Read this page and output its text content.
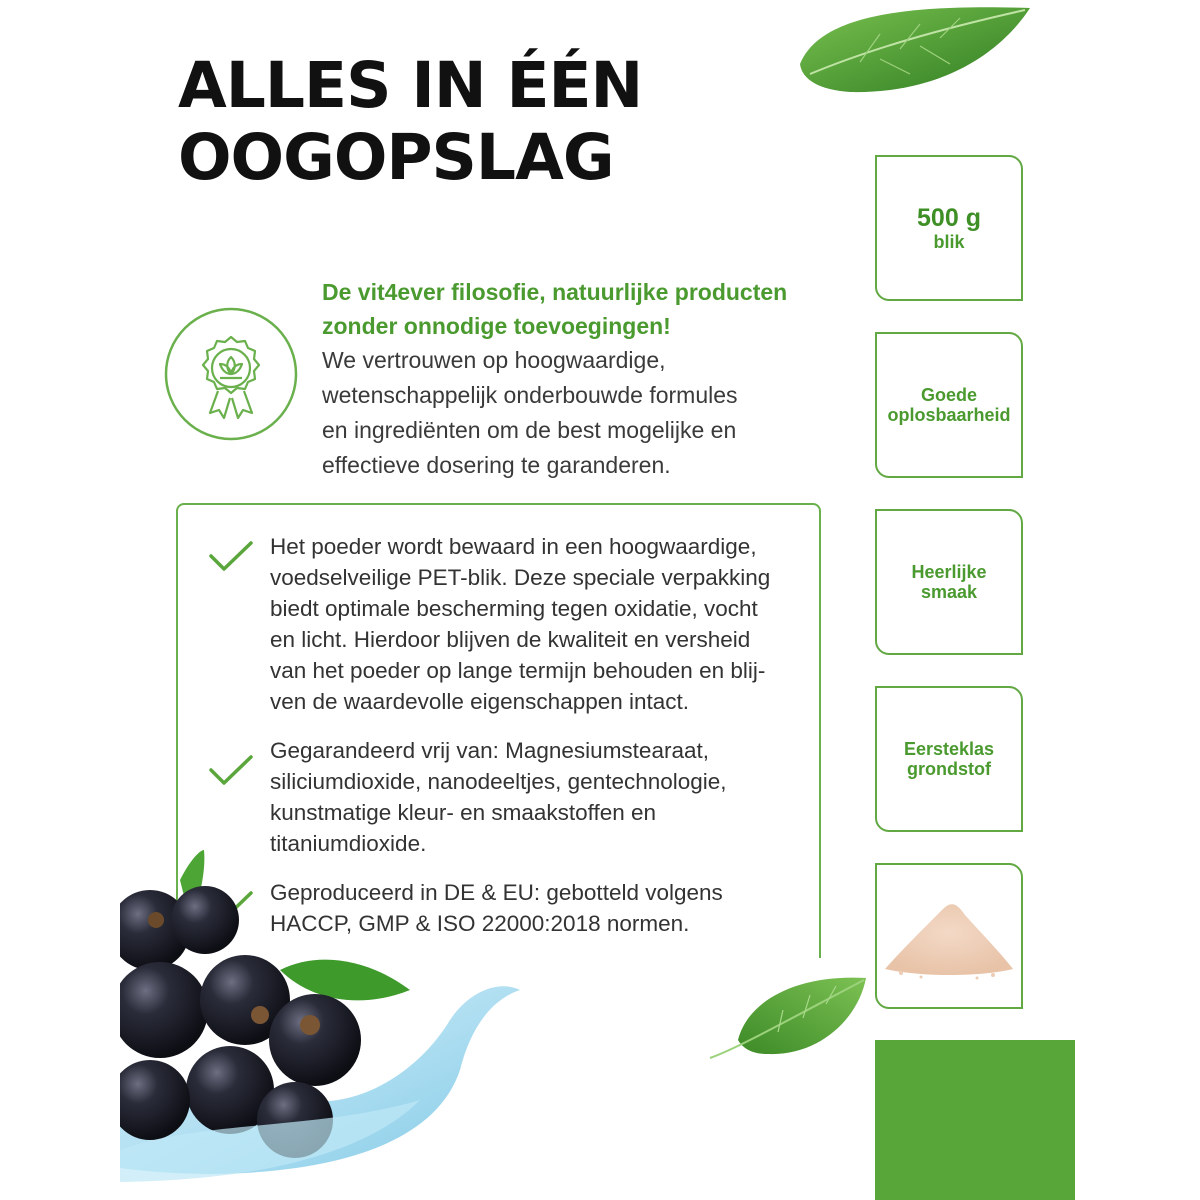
ALLES IN ÉÉN
OOGOPSLAG

De vit4ever filosofie, natuurlijke producten
zonder onnodige toevoegingen!

We vertrouwen op hoogwaardige,
wetenschappelijk onderbouwde formules
en ingrediënten om de best mogelijke en
effectieve dosering te garanderen.

Het poeder wordt bewaard in een hoogwaardige,
voedselveilige PET-blik. Deze speciale verpakking
biedt optimale bescherming tegen oxidatie, vocht
en licht. Hierdoor blijven de kwaliteit en versheid
van het poeder op lange termijn behouden en blij-
ven de waardevolle eigenschappen intact.

Gegarandeerd vrij van: Magnesiumstearaat,
siliciumdioxide, nanodeeltjes, gentechnologie,
kunstmatige kleur- en smaakstoffen en
titaniumdioxide.

Geproduceerd in DE & EU: gebotteld volgens
HACCP, GMP & ISO 22000:2018 normen.

500 g
blik
Goede
oplosbaarheid
Heerlijke
smaak
Eersteklas
grondstof
